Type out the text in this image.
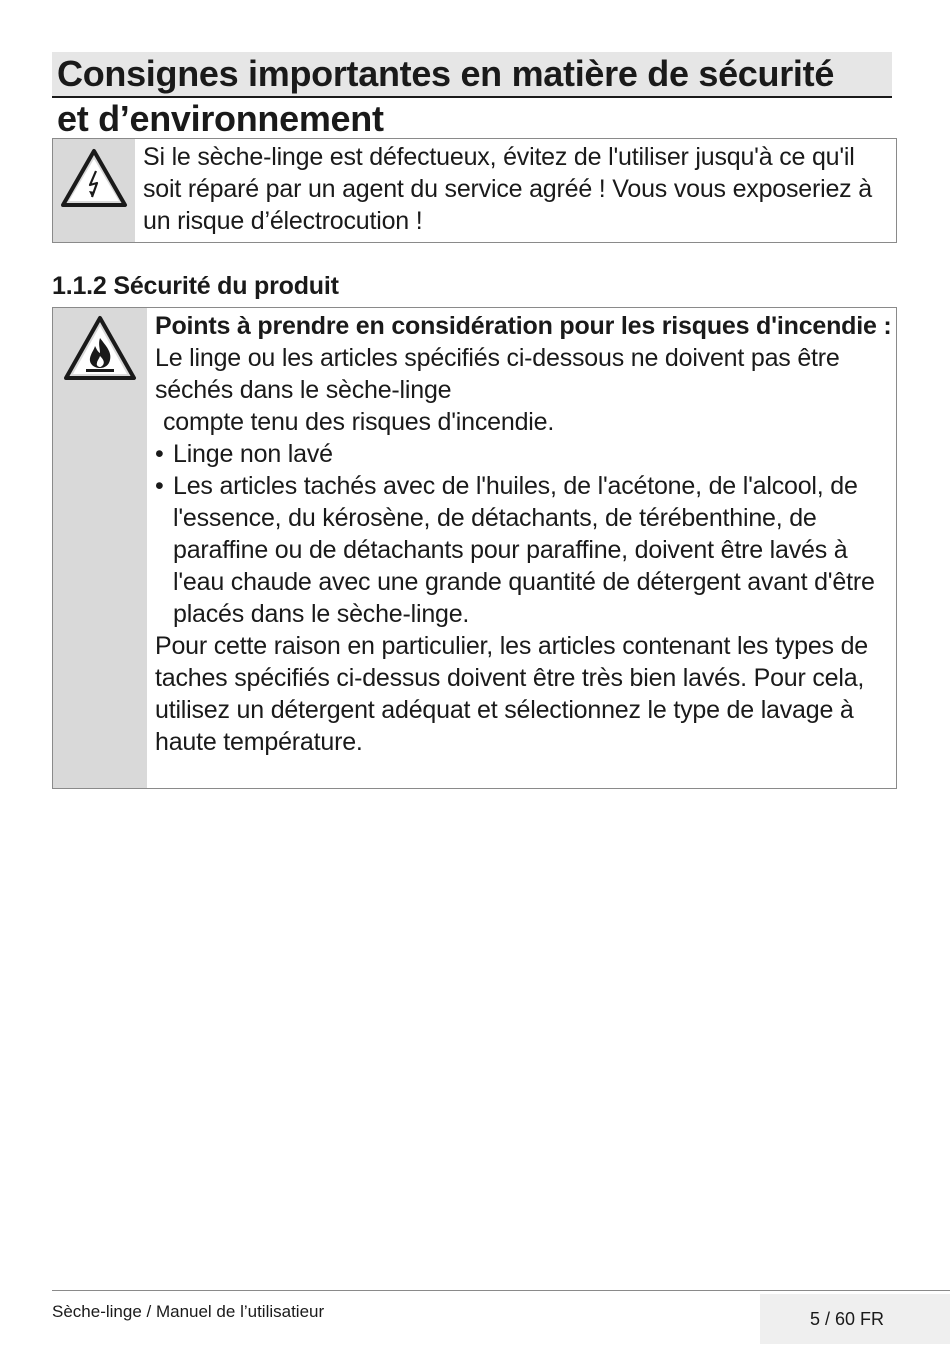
Consignes importantes en matière de sécurité
et d’environnement
Si le sèche-linge est défectueux, évitez de l'utiliser jusqu'à ce qu'il soit réparé par un agent du service agréé ! Vous vous exposeriez à un risque d’électrocution !
1.1.2 Sécurité du produit
Points à prendre en considération pour les risques d'incendie :
Le linge ou les articles spécifiés ci-dessous ne doivent pas être séchés dans le sèche-linge
compte tenu des risques d'incendie.
• Linge non lavé
• Les articles tachés avec de l'huiles, de l'acétone, de l'alcool, de l'essence, du kérosène, de détachants, de térébenthine, de paraffine ou de détachants pour paraffine, doivent être lavés à l'eau chaude avec une grande quantité de détergent avant d'être placés dans le sèche-linge.
Pour cette raison en particulier, les articles contenant les types de taches spécifiés ci-dessus doivent être très bien lavés. Pour cela, utilisez un détergent adéquat et sélectionnez le type de lavage à haute température.
Sèche-linge / Manuel de l’utilisatieur	5 / 60 FR
